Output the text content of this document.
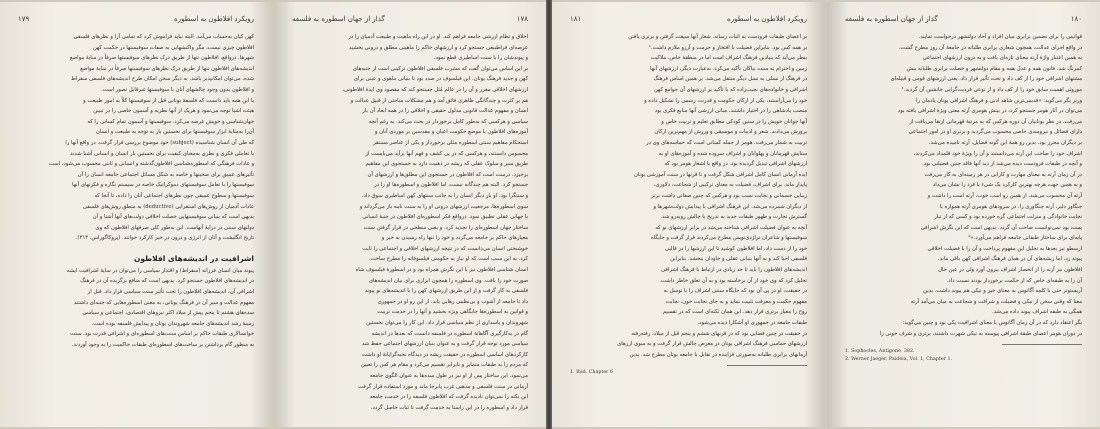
رویکرد افلاطون به اسطوره
۱۷۹
کهن کیان به‌حساب می‌آمد. البته نباید فراموش کرد که تمامی آرا و نظرهای فلسفی
افلاطون چیزی نیست، مگر واکنشهایی به صفات سوفیستها در حکمت کهن
شهرها. درواقع، افلاطون تنها از طریق درک نظرهای سوفیستها صرفاً در سایهٔ مواضع
اندیشه‌های افلاطون تنها از طریق درک نظرهای سوفیستها صرفاً در سایهٔ مواضع
شده، می‌توان امکانپذیر باشد. به دیگر سخن امکان طرح اندیشه‌های فلسفی سقراط
و افلاطون بدون وجود چالشهای آنان با سوفیستها غیرقابل تصور است.
با این همه باید دانست که فلسفهٔ یونانی قبل از سوفیستها کلاً به امور طبیعت و
هیئت اشیا توجه می‌نمود و هریک از آنها نظریه و آسمون خاصی را در تبیین
جهان‌شناسی و خویش عرضه می‌کرد. سوفیستها و آسمون تمام کسانی را که
آن‌را به‌مثابهٔ ابزار سوفیستها برای نخستین بار به توجه به طبیعت و انسان
که طی آن انسان شناسیده (subject) خود موضوع بررسی قرار گرفت. در واقع آنها را
با تعاملی فکری و نظری به‌معنای کیفیت برای نخستین بار انسان و انسانی آشنا شدند
و عادات فرهنگی که اسطوره‌شناسی افلاطون‌گذشته و انسانی و ثابتی محسوب می‌شود، است
تأثیرهای عمیق برای صحبتها و خاصه به شکل مسائل اجتماعی جامعه انسان را آن
سوفیستها را با تعامل سوفیستهای دموکراتیک خاصه در سیستم نگاره و فکرتهای آنها
سوفیستها و سطوح عمیقی چون نظرهای اجتماعی آنان را داده، تا آنجا که
عادات آدمیان از روش‌های استقرایی (deductive) به منطق روش‌های فلسفی
بدیهی است که بنیانی سوفیستهایی خصلت اخلاقی دولت‌های آنها آشنا و آن
دولتهای سنتی در درایهٔ آنهاست. این به‌طور کلی صرفهای افلاطون که وی
تاریخ انگلیشت و آنان از انرژی و درون در خیر کارکرد خوانند. (پروکاگوراس، ۳۱۳).
اشرافیت در اندیشه‌های افلاطون
پیوند میان انسان فرزانه (سقراط) و اقتدار سیاسی را می‌توان در سایهٔ اشرافیت ایشه
در اندیشه‌های افلاطون جستجو کرد. بدیهی است که منافع برگزیده آن در فرهنگ
اشرافی آن، اندیشه‌های افلاطون را تحت تأثیر سنت سیاسی قرار داد. قبل از
مفهوم عدالت و سیر آن در فرهنگ یونانی، به معنی اسطوره‌هایی که جنبه‌ای داشتند
سده‌های هشتم تا پنجم پیش از میلاد اکثر نیروهای اقتصادی، اجتماعی و سیاسی
زمینهٔ رشد اندیشه‌های جامعه شهروندان یونان و پیدایش فلسفه بوده است.
خوانسالاری طبقات حاکم بر اساس سنت‌های اسطوره‌ای و اشرافی قدرت بود. سنت
به منظور گام برداشتن بر ساخت‌های اسطوره‌ای طبقات حاکمیت را به وجود آوردند.
۱۷۸
گذار از جهان اسطوره به فلسفه
اخلاق و نظام ارزشی جامعه فراهم کند. او در این راه ماهیت و طبیعت آدمیان را در
عرصه‌ای فراطبیعی جستجو کرد و ارزشهای حاکم را ماهیتی مطلق و درونی بخشید
و پیوندشان را با سنت اساطیری قطع نمود.
بر این اساس می‌توان گفت که مشرب فلسفی افلاطون ترکیبی است از جنبه‌های
کهن و جدید فرهنگ یونان. این فیلسوف در صدد بود تا بنیانی ماهوی و عینی برای
ارزشهای اخلاقی مقرر و آن را در عالم مُثل جستجو کند که مقصود وی ایدهٔ افلاطونی،
هم بر کثرت و چندگانگی ظاهری فائق آمد و هم مشکلات مباحثی از قبیل عدالت و
انسان و مفهوم عدالت قانونی مدلول حقیقی و اخلاقی را در همه ابعاد آن باز
سیاسی و هرکسی که به‌طور کامل برخوردار در بحث می‌کند. به رغم آنچه
آموزه‌های افلاطون با موضع حکومت اعیان و مقدسین بر موردی آنان و
استحکام مفاهیم سنتی اسطوره مثلی برخوردار و یکی از عناصر مستقر
محسوس دانستند، و هرکسی که در پی کشف و فهم آنها برآید می‌بایست از
طریق سیر و سلوک عقلی که ریشه در ذهنیت دارد به جستجوی این مفاهیم
برخیزد. درست است که افلاطون در جستجوی این مطلق‌ها و ارزشهای آن
جستجو کرد. البته هم چندگانه نیست، اما افلاطون و اسطوره‌ها او را در
و سنتگرا بود. او بار دیگر انسان را به جانب سنتهای کهن اساطیری سوق داد.
سوی اسطوره‌ها، مرجعیت ارزشهای درونی او را به سنت نامه باز می‌گرداند و
با جهانی عقلی تطبیق نمود. درواقع فکر اسطوره‌ای افلاطون در جنبهٔ انسانی
ساختار جهان اسطوره‌ای را تجدید کرد. و یعنی سطحی در قرار گرفتن سنت
معیارهای حاکم بر جامعه می‌گردد و خود را تنها راه رسیدن به خیر و
خوشبختی انسان می‌دانست که در نتیجه ارزشهای اخلاقی و اجتماعی را ثابت
کرد. به این سبب است که او نیاز به حکومتی فیلسوفانه را مطرح ساخت.
انسان شناسی افلاطون نیز با این نگرش همراه بود و در اسطورهٔ فیلسوف شاه
صورت خود را یافت. وی اسطوره را همچون ابزاری برای بیان اندیشه‌های
فلسفی به کار گرفت و از این طریق ارزشهای کهن را با اندیشه‌های نو پیوند
داد تا جامعه از آشوب و بی‌نظمی رهایی یابد. از این رو او در جمهوری
و قوانین به اسطوره‌ها جایگاهی ویژه بخشید و آنها را در خدمت تربیت
شهروندان و پاسداری از نظم سیاسی قرار داد. این کار را می‌توان نخستین
گام در به‌کارگیری آگاهانهٔ اسطوره در فلسفه دانست که بعدها در اندیشه
سیاسی مورد توجه قرار گرفت و به عنوان بنیان ارزشهای اجتماعی حفظ شد
کارکردهای اساسی اسطوره در حقیقت ریشه در دیدگاه نخبه‌گرایانهٔ او داشت
که مردم را به طبقات متمایز و نابرابر تقسیم می‌کرد و مقام هر کس را تعیین
می‌نمود. این ساختار پس از او نیز در طول سده‌ها به عنوان الگوی جامعه
آرمانی در سنت فلسفی و مذهبی غرب پابرجا ماند و مورد استفاده قرار گرفت
این نکته را نمی‌توان نادیده گرفت که افلاطون فلسفه را در خدمت جامعه
قرار داد و اسطوره را در این راستا به خدمت گرفت تا ثبات حاصل گردد.
رویکرد افلاطون به اسطوره
۱۸۱
بر اعضای طبقات فرودست به اثبات رساند. شعار آنها سیقت گرفتن و برتری یافتن
بر همه کس بود. بنابراین فضیلت با افتخار و حرمت و آرزو ملازم داشت.¹
بنظر می‌آید که بنیادین فرهنگ اشراف است اما در منطقهٔ خاص، ملاکیت
زمین و احترام به سنت نیاکان تأکید می‌کرد. به‌عبارت دیگر، ارزشهای آنها
ذر فرهنگ از نسلی به نسل دیگر منتقل می‌شد. بر همین اساس فرهنگ
اشرافی و خانواده‌های نجیب‌زاده که با تأکید بر ارزشهای آن جوامع کهن
خود را می‌آراستند، یکی از ارکان حکومت و قدرت، رسمی را تشکیل داده و
منصب پادشاهی را در اختیار داشتند. مبانی ارزشی آنها منابع فکری بود
آنها جوانان خویش را در سنین کودکی مطابق تعلیم و تربیت خاص و
پرورش می‌دادند. شعر و ادبیات و موسیقی و ورزش از مهم‌ترین ارکان
تربیت به شمار می‌رفت. هومر از جمله کسانی است که حماسه‌های وی در
ستایش قهرمانان و پهلوانان و اشراف سروده شده و آموزه‌های او به
ارزشهای اشرافی تبدیل گردیده بود. در واقع با اشعار هومر بود که
ایده آرمانی انسان کامل اشرافی شکل گرفت و تا قرنها در سنت آموزشی یونان
پایدار ماند. برای اشراف، فضیلت به معنای ترکیبی از شجاعت، دلاوری،
زیبایی جسمانی و نجابت نسب بود و هرکس که چنین صفاتی داشت برتر
از دیگران شمرده می‌شد. این فرهنگ اشرافی با پیدایش دولت‌شهرها و
گسترش تجارت و ظهور طبقات جدید به تدریج با چالش روبه‌رو شد.
آنچه به عنوان فضیلت اشرافی شناخته می‌شد در برابر ارزشهای نو که
سوفیستها و شاعران تراژدی‌نویس مطرح می‌کردند قرار گرفت و جایگاه
خود را از دست داد، اما افلاطون کوشید تا این ارزشها را در قالبی
فلسفی احیا کند و به آنها بنیانی عقلی و جاودان ببخشد. بنابراین
اندیشه‌های افلاطون را باید تا حد زیادی در ارتباط با فرهنگ اشرافی
تحلیل کرد که وی خود از آن برخاسته بود و به آن تعلق خاطر داشت.
در حقیقت، او در پی آن بود که جایگاه سنتی اشراف را با توسل به
مفهوم حکمت و معرفت تثبیت نماید و به جای نجابت خون، نجابت
روح را معیار برتری قرار دهد. این همان نکته‌ای است که در تقسیم
طبقات جامعه در جمهوری او آشکارا دیده می‌شود.
در حقیقت در چنین فضایی بود که در قرنهای ششم و پنجم قبل از میلاد، رفته‌رفته
ارزشهای حماسی فرهنگ اشرافی یونان در معرض چالش قرار گرفت و به سوی ارزهای
آرمانهای برابری طلبانه به‌صورتی فزاینده در تقابل با جامعه یونان مطرح شد. بدین
1. Ibid, Chapter 6
۱۸۰
گذار از جهان اسطوره به فلسفه
قوانینی را برای تضمین برابری میان افراد و آحاد دولتشهر درخواست نمایند.
در واقع اجرای عدالت، همچون شعاری برابری طلبانه در جامعهٔ آن روز مطرح گشت.
به همین اعتبار واژهٔ آرته معنای تازه‌ای یافت و به درون ارزشهای اجتماعی
کمرنگ شد. فاتون همه و عدل همه و مقام دولتشهر و خصلت برابری طلبانه بیش
مشتهای اشرافی خود را از کف داد و تحت تأثیر قرار داد. یعنی ارزشهای قومی و قبیله‌ای
موروثی اهمیت سابق خود را از کف داد و از نوعی فردیت‌گرایی جانشین آن گردید.¹
ورنر یگر می‌گوید: «قدیمی‌ترین شاهد ادبی و فرهنگ اشرافی یونان یادمان را
می‌توان در آثار هومر جستجو کرد، در بینش هومری آرته معنی ویژهٔ اشرافی یافته بود
می‌رفت. در نظر یونانیان آن دوره هرکس که به مرتبهٔ قهرمانی ارتقا می‌یافت از
دارای فضائل و نیرومندی خاصی محسوب می‌گردید و برتری او در امور اجتماعی
بر دیگران محرز بود. بدین رو همهٔ این گونه فضایل، آرته نامیده می‌شد.
اشراف خود را صاحب این آرته می‌دانستند و آن را ویژهٔ خود قلمداد می‌کردند،
و آنچه در طبقات فرودست دیده می‌شد از دید آنها فاقد چنین فضیلتی بود.
در آن زمان آرته به معنای مهارت و کارایی در هر زمینه‌ای به کار می‌رفت
و به همین جهت هرچه بهترین کارکرد یک شیء یا فرد را نشان می‌داد
آرته آن محسوب می‌شد. از همین رو اسب خوب، آرته اسب را داشت و
جنگاور دلیر، آرته جنگاوری را. در سرودهای هومری آرته همواره با
نجابت خانوادگی و منزلت اجتماعی گره خورده بود و کسی که از تبار
پست بود نمی‌توانست صاحب آن گردد. بدیهی است که این نگرش اشرافی
پایه‌ای برای ساختار طبقاتی جامعه فراهم می‌آورد.»²
ارسطو نیز بعدها به تحلیل این مفهوم پرداخت و آن را با فضیلت اخلاقی
پیوند زد، اما ریشه‌های آن در همان فرهنگ اشرافی کهن باقی ماند.
افلاطون نیز آرته را از انحصار اشراف بیرون آورد ولی در عین حال
آن را به طبقه‌ای خاص که از حکمت برخوردار بودند نسبت داد.
آریستوتر حتی با کلمه آگاتوس به معنای خیر و نیکی هم پیوند داشت. بدین
معنا که وقتی سخن از نیکی و فضیلت و شرافت و شجاعت به میان می‌آمد آرته
همگی به طبقه اشراف پیوند داده می‌شد.
بگر اعتقاد دارد که در آن زمان آگاتوس با معنای اشرافیت یکی بود و چنین می‌گوید:
در دوران هومر اعضای طبقهٔ اشرافی پیوسته به نیکی شهرت داشتند، برتری و شرف خونی را
1. Sophocles, Antigone, 382.
2. Werner Jaeger, Paideia, Vol. 1, Chapter 1.
